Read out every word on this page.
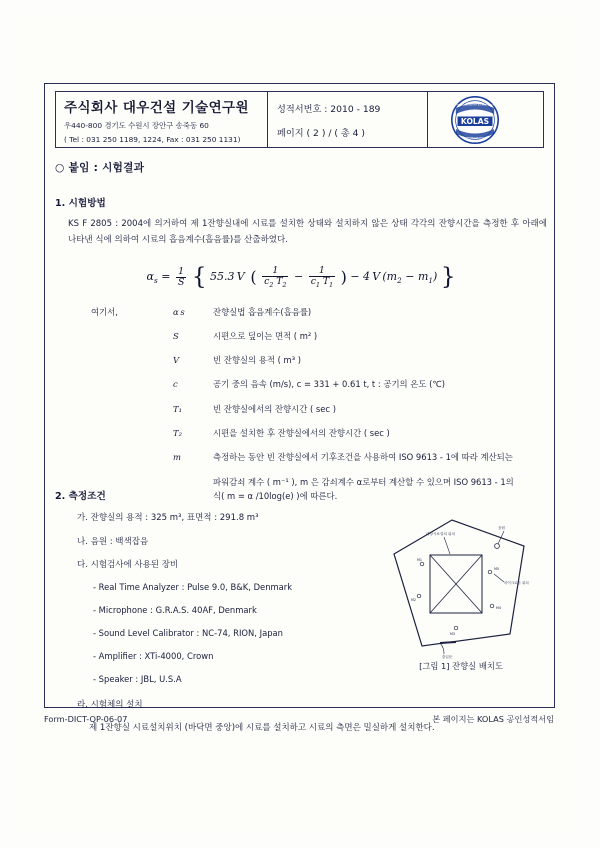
주식회사 대우건설 기술연구원
우440-800 경기도 수원시 장안구 송죽동 60
( Tel : 031 250 1189, 1224, Fax : 031 250 1131)
성적서번호 : 2010 - 189
페이지 ( 2 ) / ( 총 4 )
KOLAS
KOREA LABORATORY ACCREDITATION
TESTING KR 0172
○ 붙임 : 시험결과
1. 시험방법
KS F 2805 : 2004에 의거하여 제 1잔향실내에 시료를 설치한 상태와 설치하지 않은 상태 각각의 잔향시간을 측정한 후 아래에 나타낸 식에 의하여 시료의 흡음계수(흡음률)를 산출하였다.
$\alpha_s = \frac{1}{S}$ { 55.3 V  ( $\frac{1}{c_2 T_2} - \frac{1}{c_1 T_1}$ ) − 4 V $(m_2 - m_1)$ }
여기서,	α s	잔향실법 흡음계수(흡음률)
S	시편으로 덮이는 면적 ( m² )
V	빈 잔향실의 용적 ( m³ )
c	공기 중의 음속 (m/s), c = 331 + 0.61 t, t : 공기의 온도 (℃)
T₁	빈 잔향실에서의 잔향시간 ( sec )
T₂	시편을 설치한 후 잔향실에서의 잔향시간 ( sec )
m	측정하는 동안 빈 잔향실에서 기후조건을 사용하여 ISO 9613 - 1에 따라 계산되는
파워감쇠 계수 ( m⁻¹ ), m 은 감쇠계수 α로부터 계산할 수 있으며 ISO 9613 - 1의
식( m = α /10log(e) )에 따른다.
2. 측정조건
가. 잔향실의 용적 : 325 m³, 표면적 : 291.8 m³
나. 음원 : 백색잡음
다. 시험검사에 사용된 장비
- Real Time Analyzer : Pulse 9.0, B&K, Denmark
- Microphone : G.R.A.S. 40AF, Denmark
- Sound Level Calibrator : NC-74, RION, Japan
- Amplifier : XTi-4000, Crown
- Speaker : JBL, U.S.A
라. 시험체의 설치
제 1잔향실 시료설치위치 (바닥면 중앙)에 시료를 설치하고 시료의 측면은 밀실하게 설치한다.
대상시료설치 위치
음원
M1
M2
M3
M4
M5
마이크로폰 위치
출입문
[그림 1] 잔향실 배치도
Form-DICT-QP-06-07	본 페이지는 KOLAS 공인성적서임
